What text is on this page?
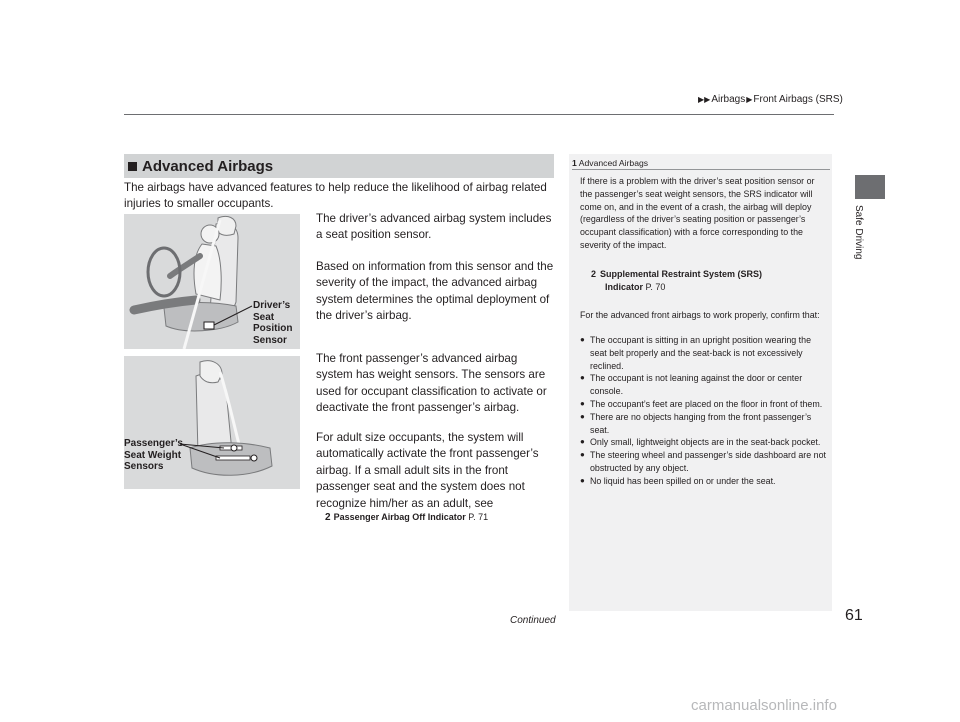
▶▶Airbags▶Front Airbags (SRS)
Safe Driving
Advanced Airbags
The airbags have advanced features to help reduce the likelihood of airbag related injuries to smaller occupants.
The driver’s advanced airbag system includes a seat position sensor.
Based on information from this sensor and the severity of the impact, the advanced airbag system determines the optimal deployment of the driver’s airbag.
The front passenger’s advanced airbag system has weight sensors. The sensors are used for occupant classification to activate or deactivate the front passenger’s airbag.
For adult size occupants, the system will automatically activate the front passenger’s airbag. If a small adult sits in the front passenger seat and the system does not recognize him/her as an adult, see
2 Passenger Airbag Off Indicator P. 71
Driver’s
Seat
Position
Sensor
Passenger’s
Seat Weight
Sensors
1 Advanced Airbags
If there is a problem with the driver’s seat position sensor or the passenger’s seat weight sensors, the SRS indicator will come on, and in the event of a crash, the airbag will deploy (regardless of the driver’s seating position or passenger’s occupant classification) with a force corresponding to the severity of the impact.
2 Supplemental Restraint System (SRS)
Indicator P. 70
For the advanced front airbags to work properly, confirm that:
● The occupant is sitting in an upright position wearing the seat belt properly and the seat-back is not excessively reclined.
● The occupant is not leaning against the door or center console.
● The occupant’s feet are placed on the floor in front of them.
● There are no objects hanging from the front passenger’s seat.
● Only small, lightweight objects are in the seat-back pocket.
● The steering wheel and passenger’s side dashboard are not obstructed by any object.
● No liquid has been spilled on or under the seat.
Continued	61
carmanualsonline.info
